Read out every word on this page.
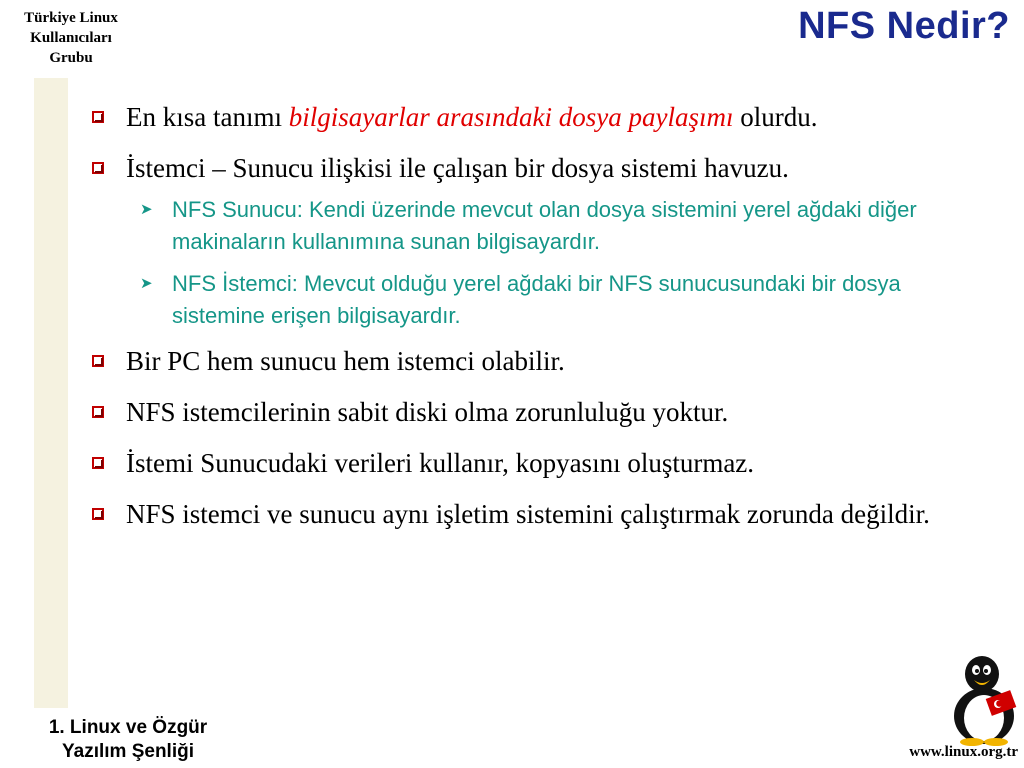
Türkiye Linux
Kullanıcıları
Grubu
NFS Nedir?
En kısa tanımı bilgisayarlar arasındaki dosya paylaşımı olurdu.
İstemci – Sunucu ilişkisi ile çalışan bir dosya sistemi havuzu.
➤ NFS Sunucu: Kendi üzerinde mevcut olan dosya sistemini yerel ağdaki diğer makinaların kullanımına sunan bilgisayardır.
➤ NFS İstemci: Mevcut olduğu yerel ağdaki bir NFS sunucusundaki bir dosya sistemine erişen bilgisayardır.
Bir PC hem sunucu hem istemci olabilir.
NFS istemcilerinin sabit diski olma zorunluluğu yoktur.
İstemi Sunucudaki verileri kullanır, kopyasını oluşturmaz.
NFS istemci ve sunucu aynı işletim sistemini çalıştırmak zorunda değildir.
www.linux.org.tr
1. Linux ve Özgür
Yazılım Şenliği
